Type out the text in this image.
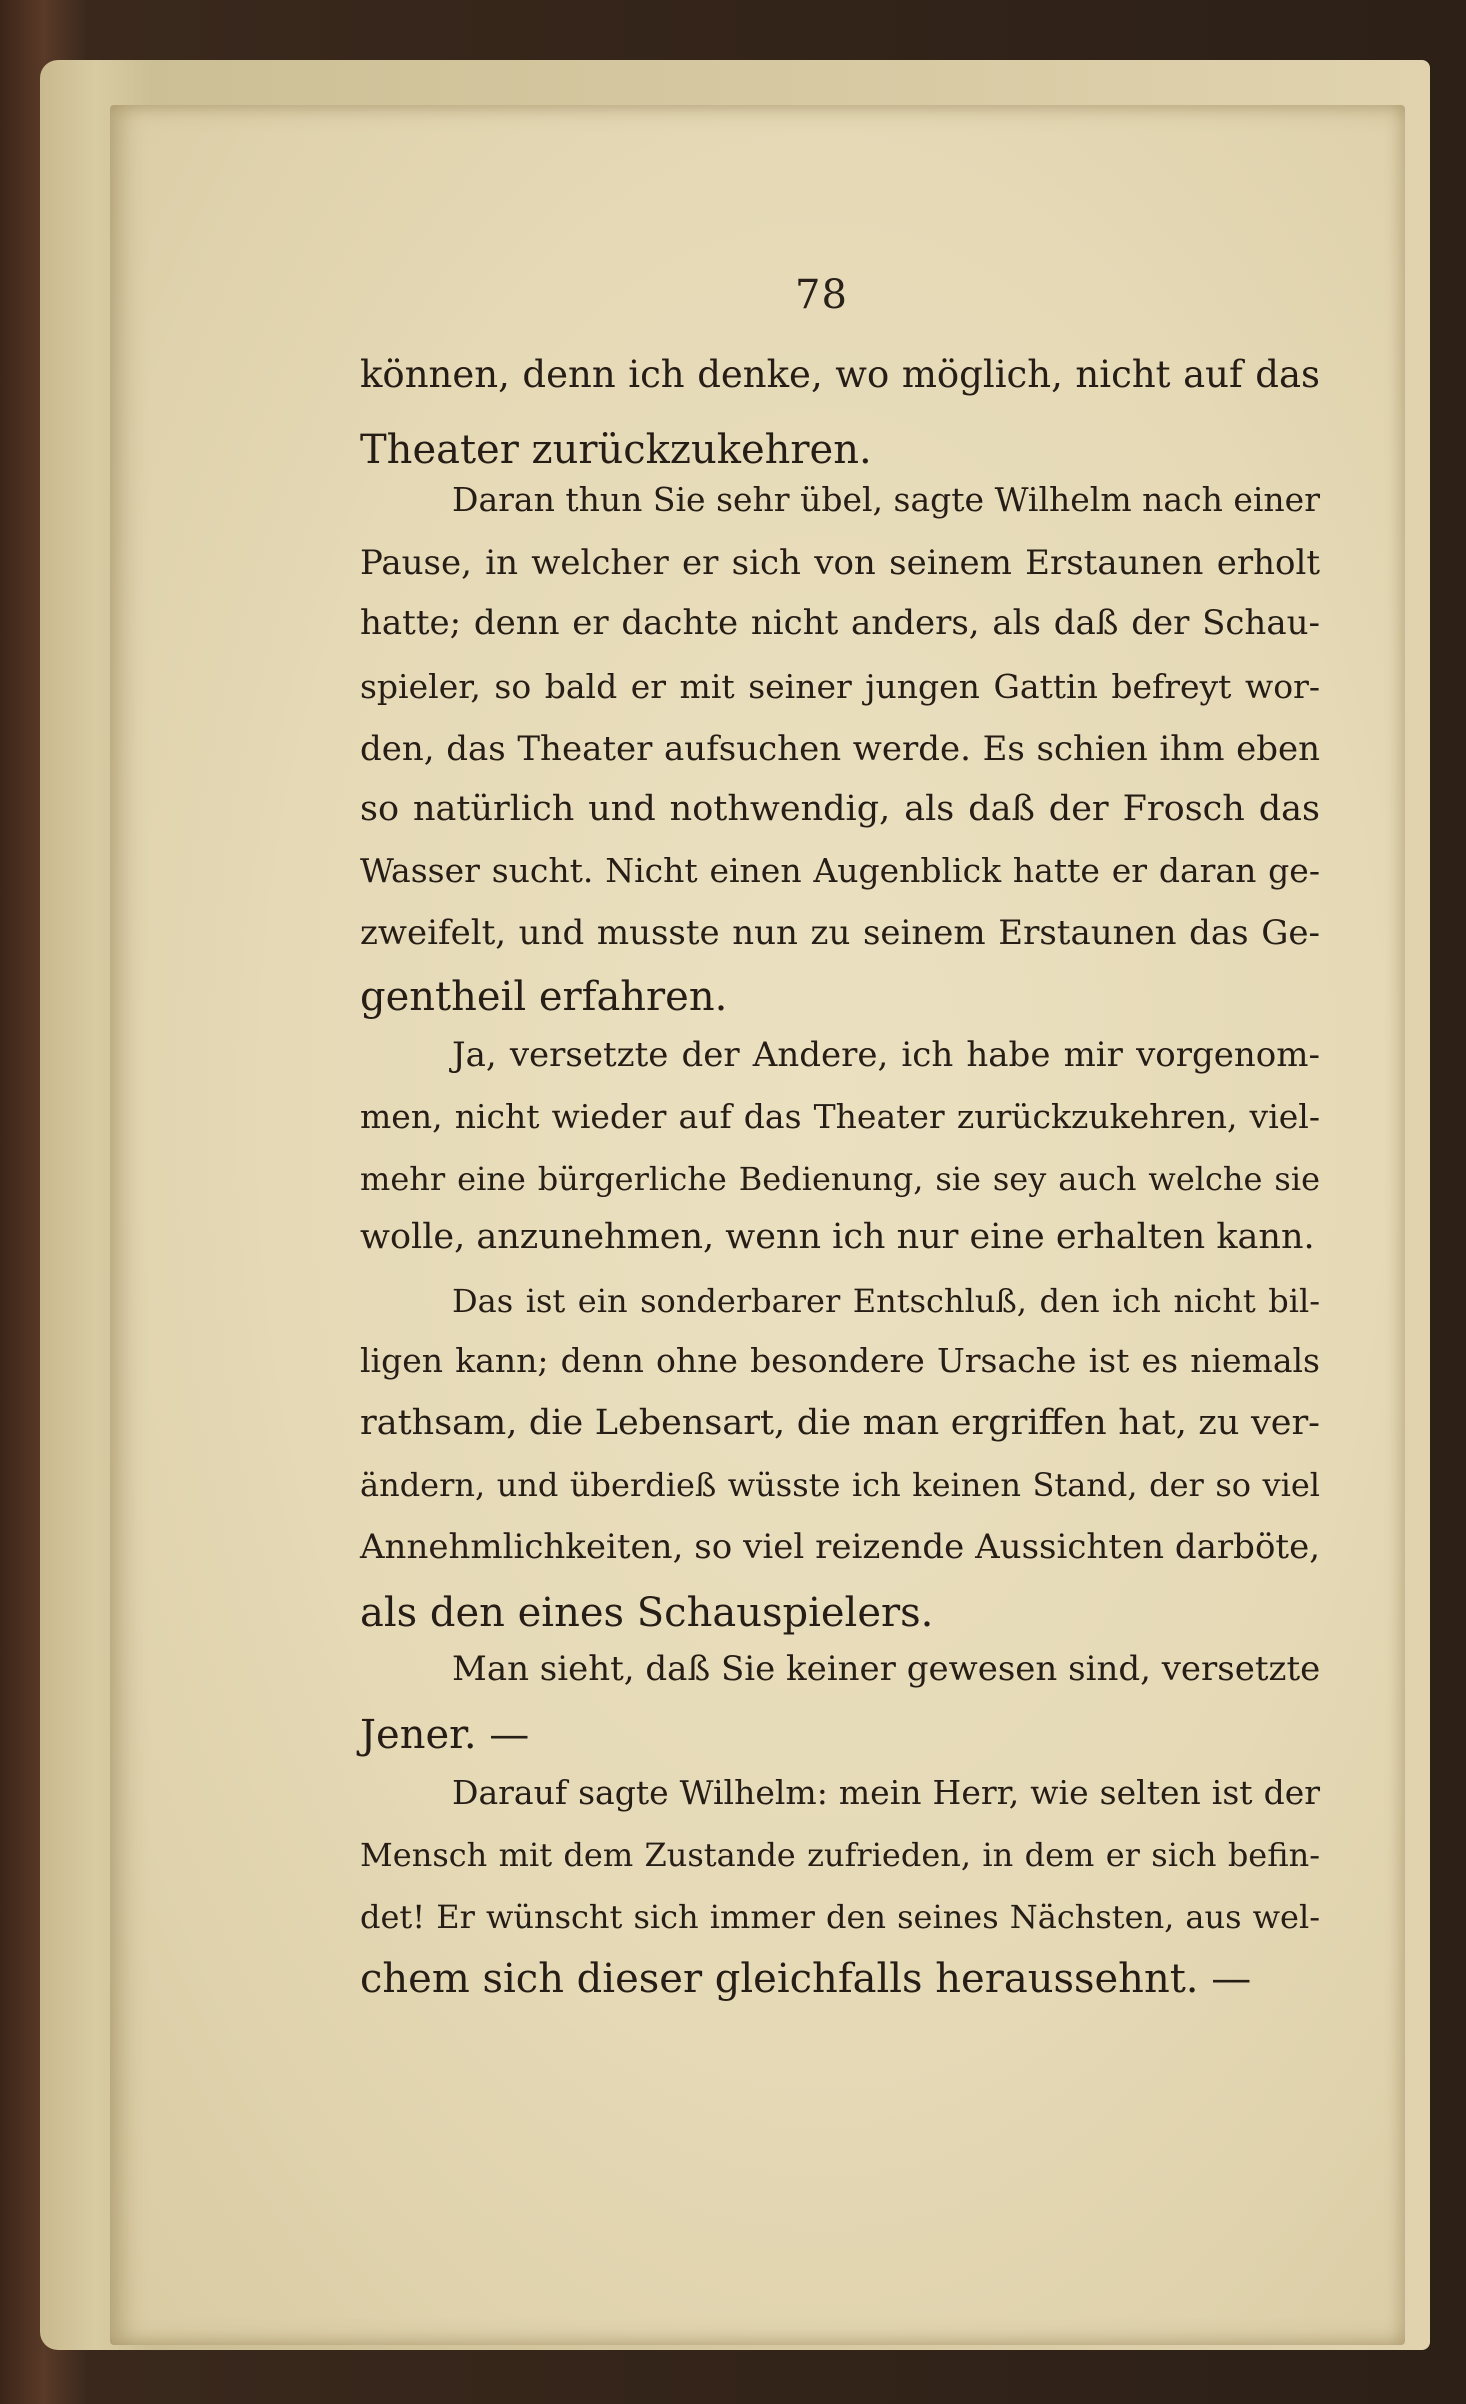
78
können, denn ich denke, wo möglich, nicht auf das
Theater zurückzukehren.
Daran thun Sie sehr übel, sagte Wilhelm nach einer
Pause, in welcher er sich von seinem Erstaunen erholt
hatte; denn er dachte nicht anders, als daß der Schau-
spieler, so bald er mit seiner jungen Gattin befreyt wor-
den, das Theater aufsuchen werde. Es schien ihm eben
so natürlich und nothwendig, als daß der Frosch das
Wasser sucht. Nicht einen Augenblick hatte er daran ge-
zweifelt, und musste nun zu seinem Erstaunen das Ge-
gentheil erfahren.
Ja, versetzte der Andere, ich habe mir vorgenom-
men, nicht wieder auf das Theater zurückzukehren, viel-
mehr eine bürgerliche Bedienung, sie sey auch welche sie
wolle, anzunehmen, wenn ich nur eine erhalten kann.
Das ist ein sonderbarer Entschluß, den ich nicht bil-
ligen kann; denn ohne besondere Ursache ist es niemals
rathsam, die Lebensart, die man ergriffen hat, zu ver-
ändern, und überdieß wüsste ich keinen Stand, der so viel
Annehmlichkeiten, so viel reizende Aussichten darböte,
als den eines Schauspielers.
Man sieht, daß Sie keiner gewesen sind, versetzte
Jener. —
Darauf sagte Wilhelm: mein Herr, wie selten ist der
Mensch mit dem Zustande zufrieden, in dem er sich befin-
det! Er wünscht sich immer den seines Nächsten, aus wel-
chem sich dieser gleichfalls heraussehnt. —
